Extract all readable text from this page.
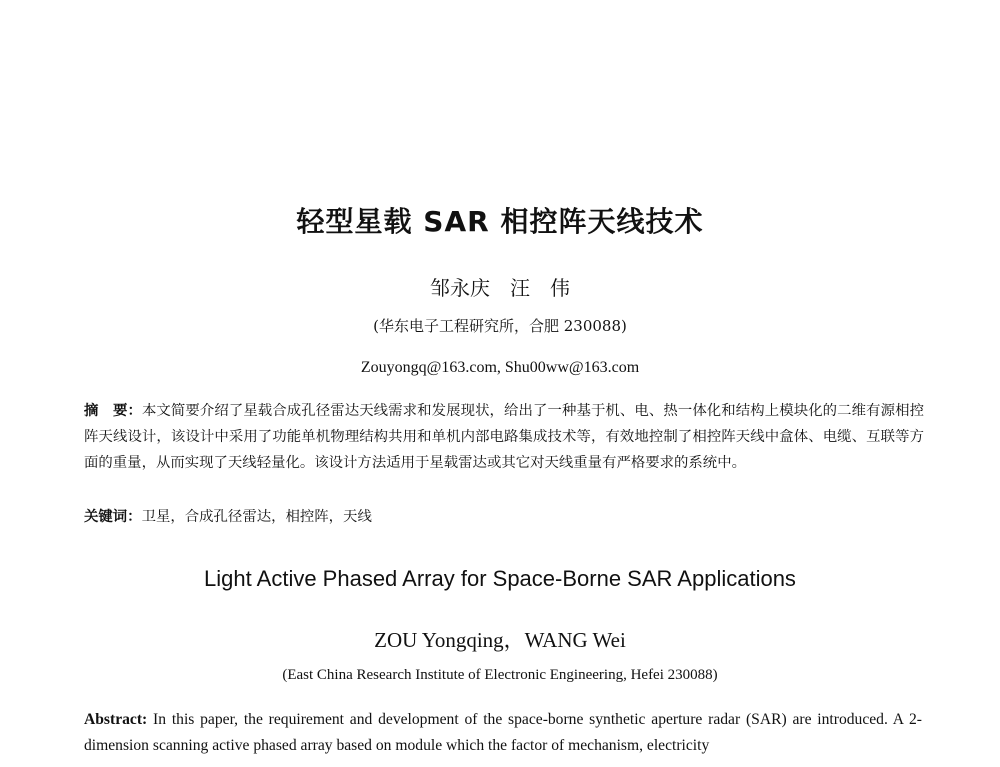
轻型星载 SAR 相控阵天线技术
邹永庆　汪　伟
(华东电子工程研究所，合肥 230088)
Zouyongq@163.com, Shu00ww@163.com
摘　要：本文简要介绍了星载合成孔径雷达天线需求和发展现状，给出了一种基于机、电、热一体化和结构上模块化的二维有源相控阵天线设计，该设计中采用了功能单机物理结构共用和单机内部电路集成技术等，有效地控制了相控阵天线中盒体、电缆、互联等方面的重量，从而实现了天线轻量化。该设计方法适用于星载雷达或其它对天线重量有严格要求的系统中。
关键词：卫星，合成孔径雷达，相控阵，天线
Light Active Phased Array for Space-Borne SAR Applications
ZOU Yongqing，WANG Wei
(East China Research Institute of Electronic Engineering, Hefei 230088)
Abstract: In this paper, the requirement and development of the space-borne synthetic aperture radar (SAR) are introduced. A 2-dimension scanning active phased array based on module which the factor of mechanism, electricity
